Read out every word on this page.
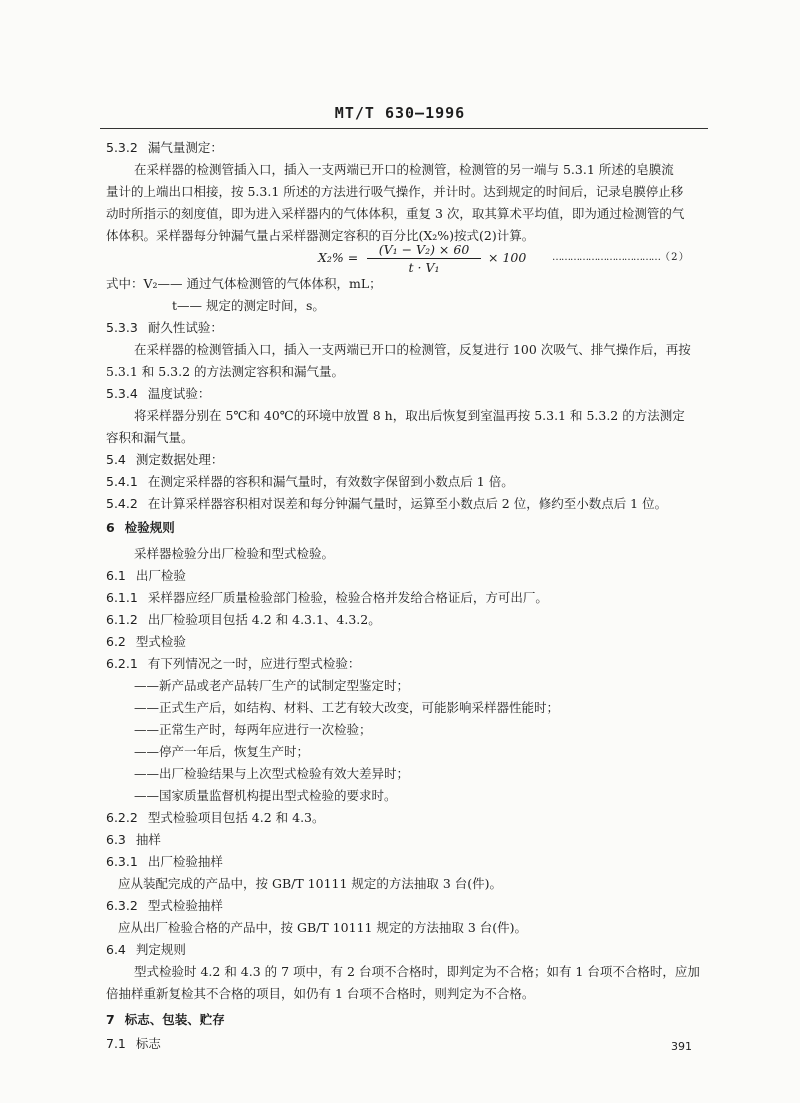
MT/T 630—1996
5.3.2 漏气量测定：
在采样器的检测管插入口，插入一支两端已开口的检测管，检测管的另一端与 5.3.1 所述的皂膜流
量计的上端出口相接，按 5.3.1 所述的方法进行吸气操作，并计时。达到规定的时间后，记录皂膜停止移
动时所指示的刻度值，即为进入采样器内的气体体积，重复 3 次，取其算术平均值，即为通过检测管的气
体体积。采样器每分钟漏气量占采样器测定容积的百分比(X₂%)按式(2)计算。
X₂% =
(V₁ − V₂) × 60
t · V₁
× 100	………………………………（ 2 ）
式中：V₂—— 通过气体检测管的气体体积，mL；
t—— 规定的测定时间，s。
5.3.3 耐久性试验：
在采样器的检测管插入口，插入一支两端已开口的检测管，反复进行 100 次吸气、排气操作后，再按
5.3.1 和 5.3.2 的方法测定容积和漏气量。
5.3.4 温度试验：
将采样器分别在 5℃和 40℃的环境中放置 8 h，取出后恢复到室温再按 5.3.1 和 5.3.2 的方法测定
容积和漏气量。
5.4 测定数据处理：
5.4.1 在测定采样器的容积和漏气量时，有效数字保留到小数点后 1 倍。
5.4.2 在计算采样器容积相对误差和每分钟漏气量时，运算至小数点后 2 位，修约至小数点后 1 位。
6 检验规则
采样器检验分出厂检验和型式检验。
6.1 出厂检验
6.1.1 采样器应经厂质量检验部门检验，检验合格并发给合格证后，方可出厂。
6.1.2 出厂检验项目包括 4.2 和 4.3.1、4.3.2。
6.2 型式检验
6.2.1 有下列情况之一时，应进行型式检验：
——新产品或老产品转厂生产的试制定型鉴定时；
——正式生产后，如结构、材料、工艺有较大改变，可能影响采样器性能时；
——正常生产时，每两年应进行一次检验；
——停产一年后，恢复生产时；
——出厂检验结果与上次型式检验有效大差异时；
——国家质量监督机构提出型式检验的要求时。
6.2.2 型式检验项目包括 4.2 和 4.3。
6.3 抽样
6.3.1 出厂检验抽样
应从装配完成的产品中，按 GB/T 10111 规定的方法抽取 3 台(件)。
6.3.2 型式检验抽样
应从出厂检验合格的产品中，按 GB/T 10111 规定的方法抽取 3 台(件)。
6.4 判定规则
型式检验时 4.2 和 4.3 的 7 项中，有 2 台项不合格时，即判定为不合格；如有 1 台项不合格时，应加
倍抽样重新复检其不合格的项目，如仍有 1 台项不合格时，则判定为不合格。
7 标志、包装、贮存
7.1 标志	391
